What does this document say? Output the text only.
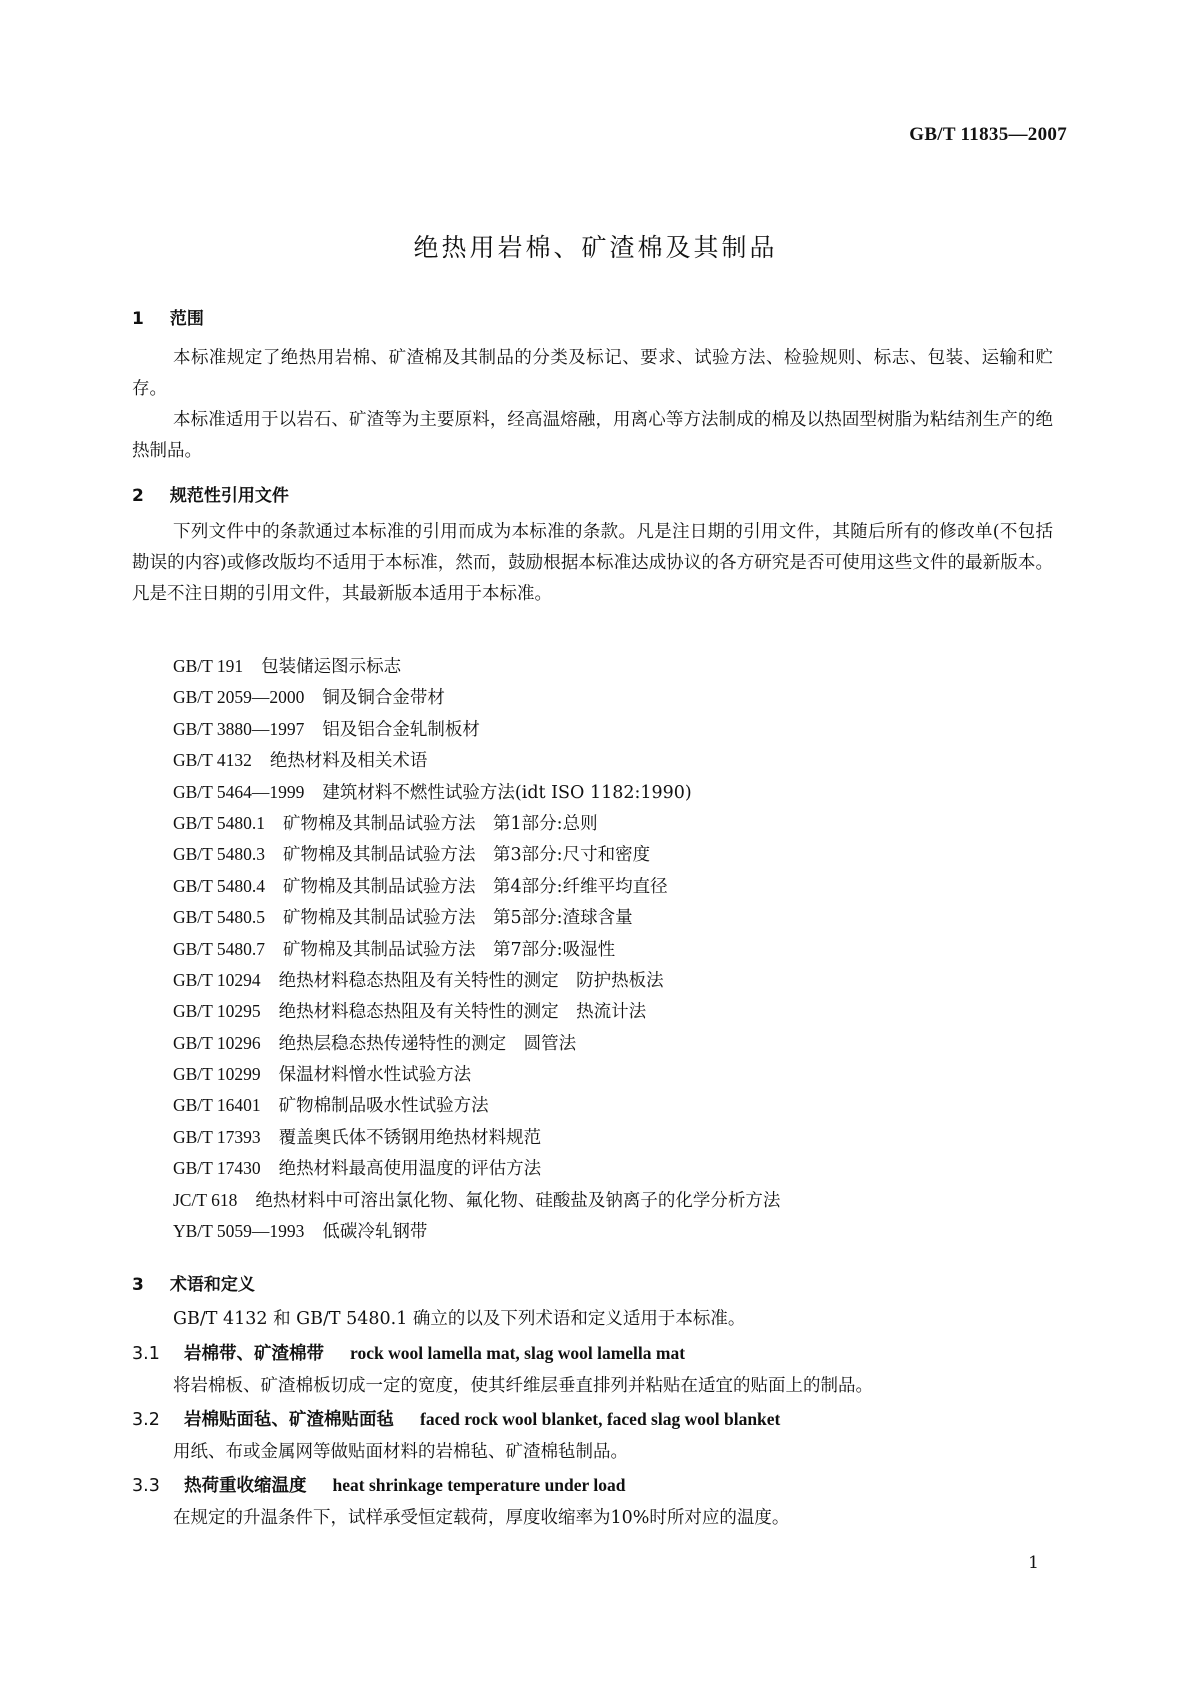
GB/T 11835—2007
绝热用岩棉、矿渣棉及其制品
1 范围

本标准规定了绝热用岩棉、矿渣棉及其制品的分类及标记、要求、试验方法、检验规则、标志、包装、运输和贮存。

本标准适用于以岩石、矿渣等为主要原料，经高温熔融，用离心等方法制成的棉及以热固型树脂为粘结剂生产的绝热制品。

2 规范性引用文件

下列文件中的条款通过本标准的引用而成为本标准的条款。凡是注日期的引用文件，其随后所有的修改单(不包括勘误的内容)或修改版均不适用于本标准，然而，鼓励根据本标准达成协议的各方研究是否可使用这些文件的最新版本。凡是不注日期的引用文件，其最新版本适用于本标准。

GB/T 191 包装储运图示标志
GB/T 2059—2000 铜及铜合金带材
GB/T 3880—1997 铝及铝合金轧制板材
GB/T 4132 绝热材料及相关术语
GB/T 5464—1999 建筑材料不燃性试验方法(idt ISO 1182:1990)
GB/T 5480.1 矿物棉及其制品试验方法　第1部分:总则
GB/T 5480.3 矿物棉及其制品试验方法　第3部分:尺寸和密度
GB/T 5480.4 矿物棉及其制品试验方法　第4部分:纤维平均直径
GB/T 5480.5 矿物棉及其制品试验方法　第5部分:渣球含量
GB/T 5480.7 矿物棉及其制品试验方法　第7部分:吸湿性
GB/T 10294 绝热材料稳态热阻及有关特性的测定　防护热板法
GB/T 10295 绝热材料稳态热阻及有关特性的测定　热流计法
GB/T 10296 绝热层稳态热传递特性的测定　圆管法
GB/T 10299 保温材料憎水性试验方法
GB/T 16401 矿物棉制品吸水性试验方法
GB/T 17393 覆盖奥氏体不锈钢用绝热材料规范
GB/T 17430 绝热材料最高使用温度的评估方法
JC/T 618 绝热材料中可溶出氯化物、氟化物、硅酸盐及钠离子的化学分析方法
YB/T 5059—1993 低碳冷轧钢带
3 术语和定义

GB/T 4132 和 GB/T 5480.1 确立的以及下列术语和定义适用于本标准。

3.1 岩棉带、矿渣棉带 rock wool lamella mat, slag wool lamella mat

将岩棉板、矿渣棉板切成一定的宽度，使其纤维层垂直排列并粘贴在适宜的贴面上的制品。

3.2 岩棉贴面毡、矿渣棉贴面毡 faced rock wool blanket, faced slag wool blanket

用纸、布或金属网等做贴面材料的岩棉毡、矿渣棉毡制品。

3.3 热荷重收缩温度 heat shrinkage temperature under load

在规定的升温条件下，试样承受恒定载荷，厚度收缩率为10%时所对应的温度。

1
